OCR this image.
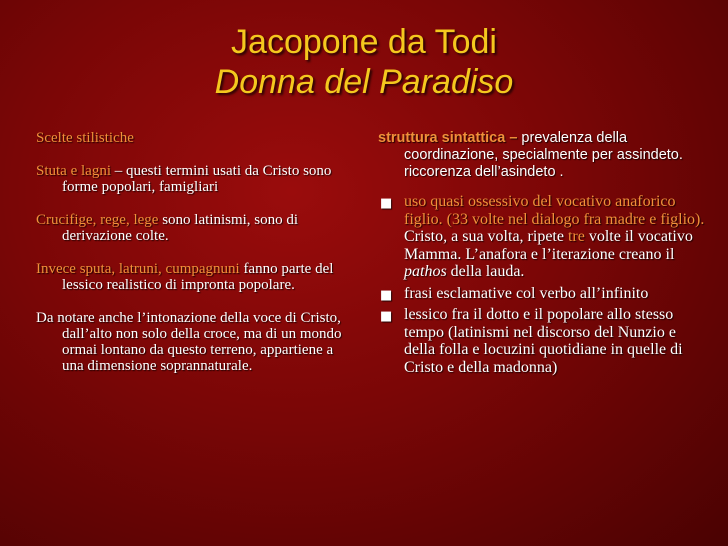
Jacopone da Todi
Donna del Paradiso

Scelte stilistiche

Stuta e lagni – questi termini usati da Cristo sono forme popolari, famigliari

Crucifige, rege, lege sono latinismi, sono di derivazione colte.

Invece sputa, latruni, cumpagnuni fanno parte del lessico realistico di impronta popolare.

Da notare anche l’intonazione della voce di Cristo, dall’alto non solo della croce, ma di un mondo ormai lontano da questo terreno, appartiene a una dimensione soprannaturale.

struttura sintattica – prevalenza della coordinazione, specialmente per assindeto. riccorenza dell’asindeto .
■ uso quasi ossessivo del vocativo anaforico figlio. (33 volte nel dialogo fra madre e figlio). Cristo, a sua volta, ripete tre volte il vocativo Mamma. L’anafora e l’iterazione creano il pathos della lauda.
■ frasi esclamative col verbo all’infinito
■ lessico fra il dotto e il popolare allo stesso tempo (latinismi nel discorso del Nunzio e della folla e locuzini quotidiane in quelle di Cristo e della madonna)
